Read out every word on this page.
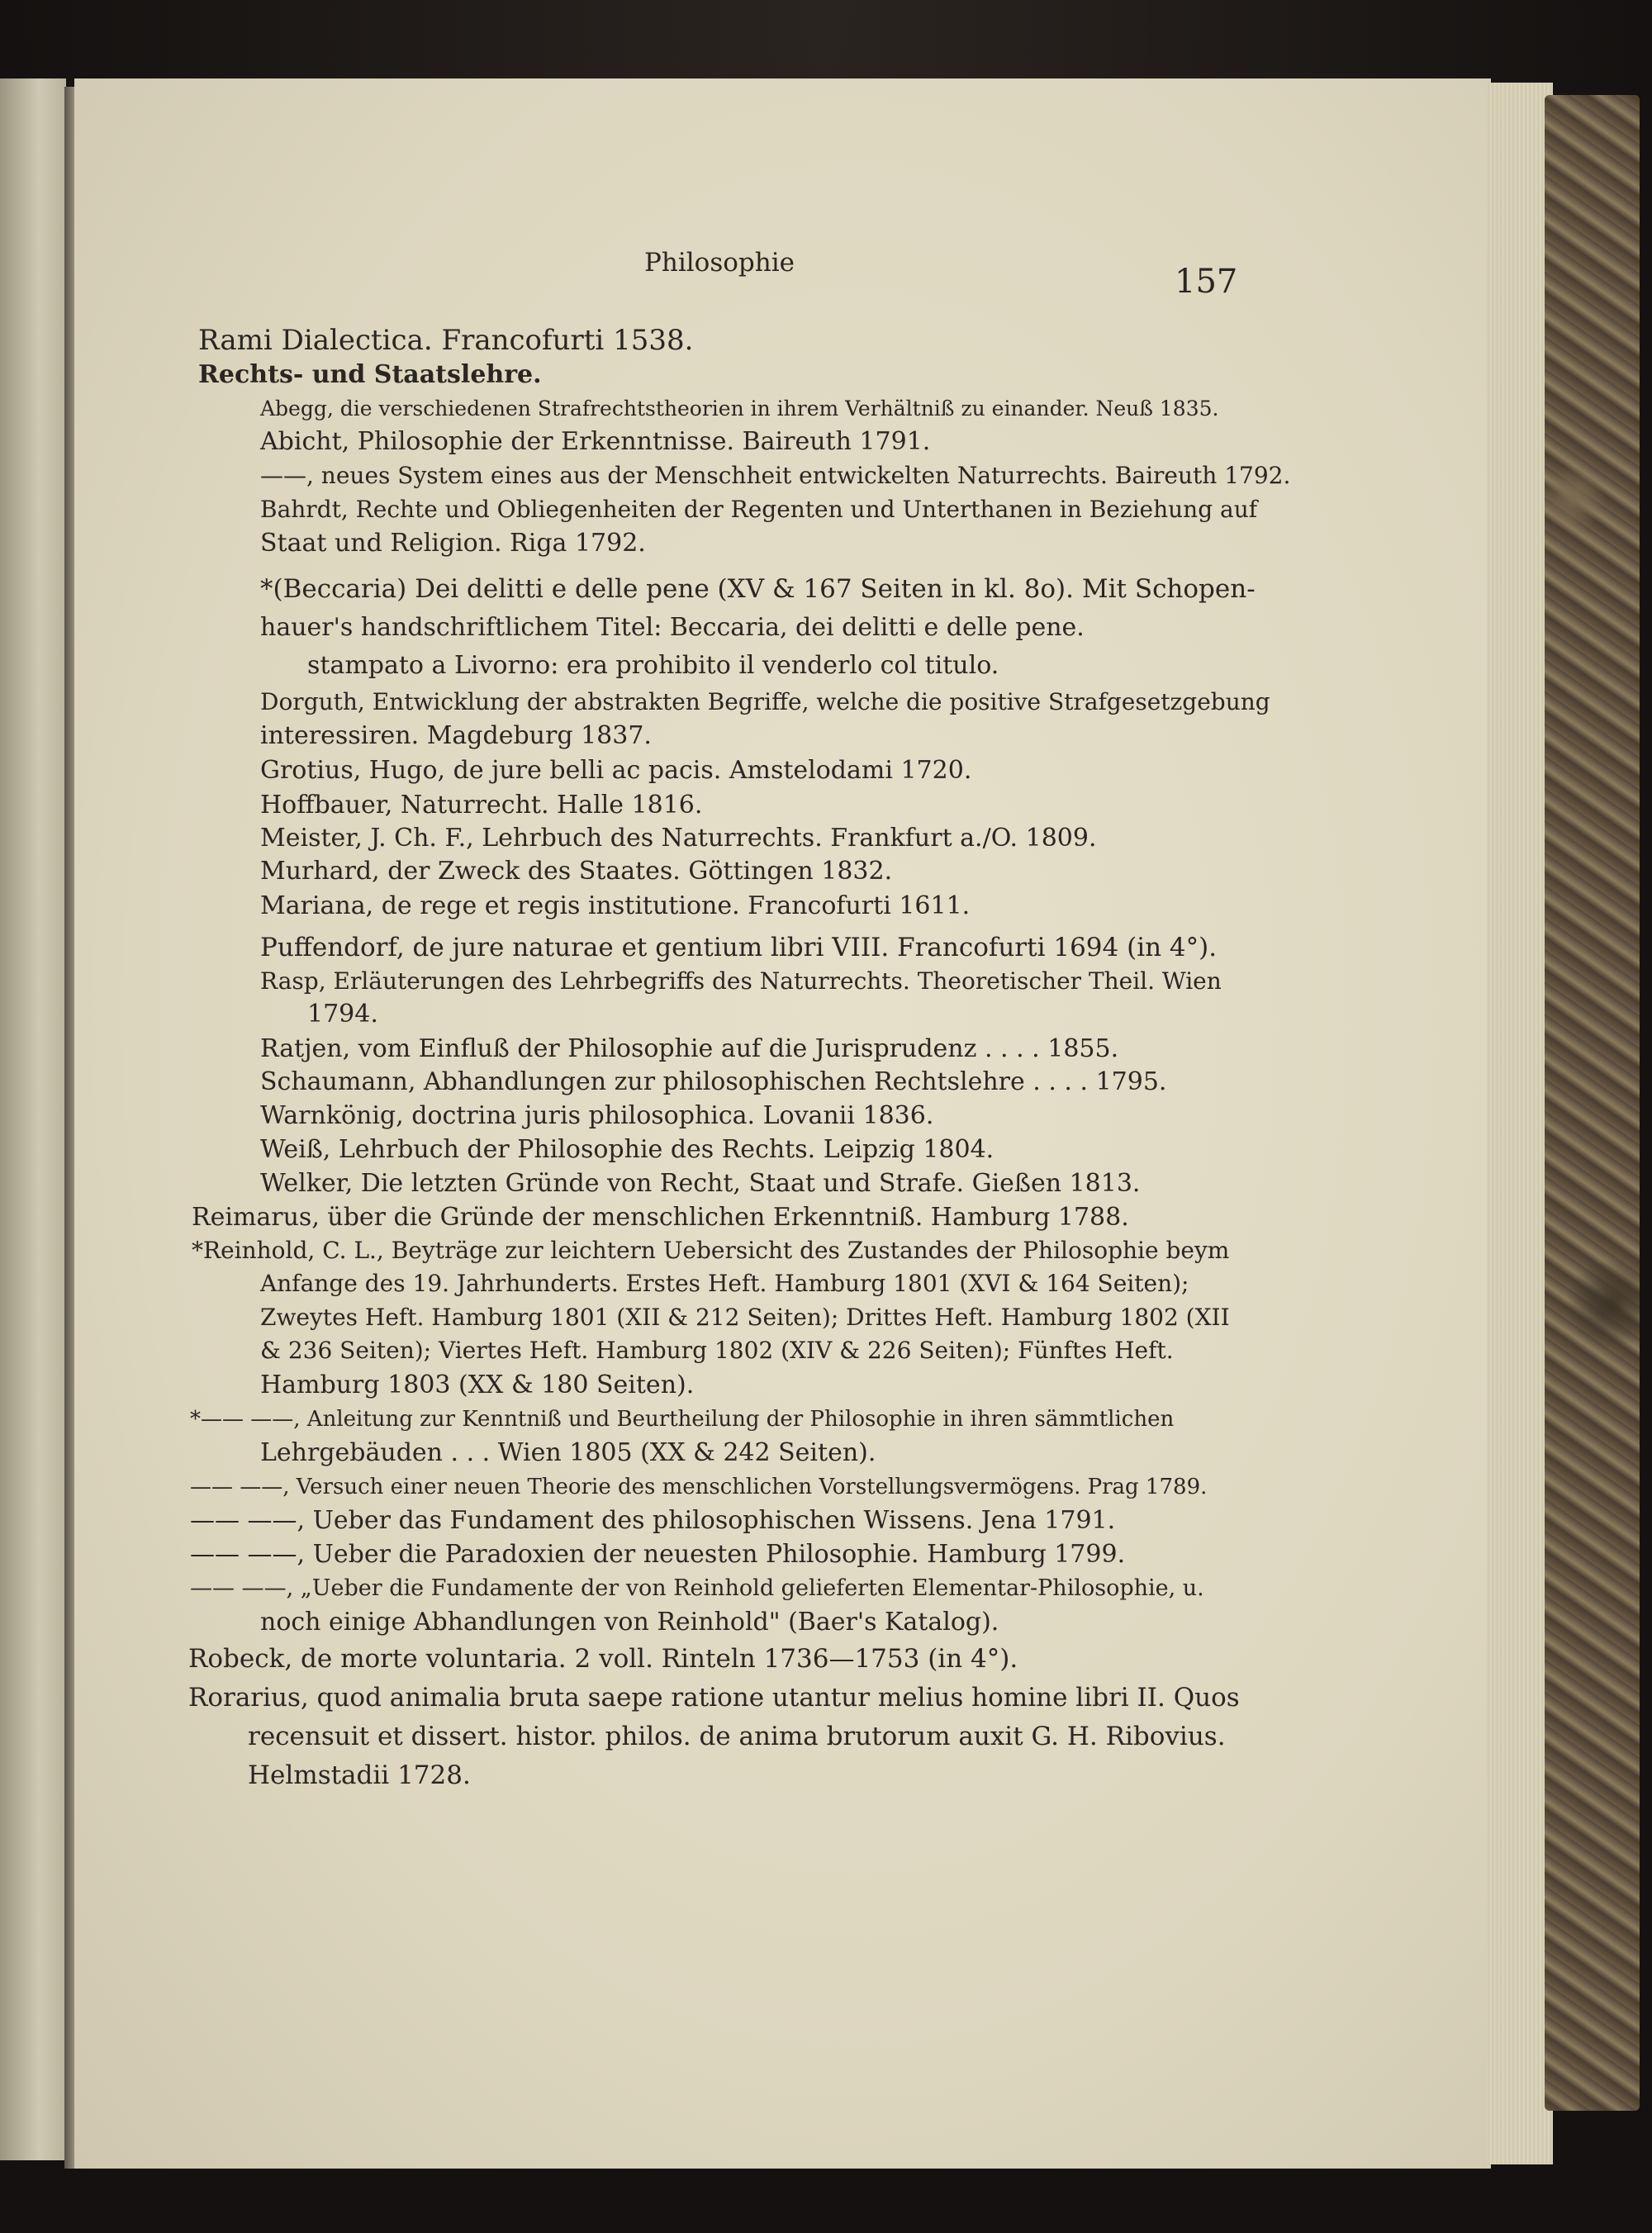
Philosophie	157
Rami Dialectica. Francofurti 1538.
Rechts- und Staatslehre.
Abegg, die verschiedenen Strafrechtstheorien in ihrem Verhältniß zu einander. Neuß 1835.
Abicht, Philosophie der Erkenntnisse. Baireuth 1791.
——, neues System eines aus der Menschheit entwickelten Naturrechts. Baireuth 1792.
Bahrdt, Rechte und Obliegenheiten der Regenten und Unterthanen in Beziehung auf
Staat und Religion. Riga 1792.
*(Beccaria) Dei delitti e delle pene (XV & 167 Seiten in kl. 8o). Mit Schopen-
hauer's handschriftlichem Titel: Beccaria, dei delitti e delle pene.
stampato a Livorno: era prohibito il venderlo col titulo.
Dorguth, Entwicklung der abstrakten Begriffe, welche die positive Strafgesetzgebung
interessiren. Magdeburg 1837.
Grotius, Hugo, de jure belli ac pacis. Amstelodami 1720.
Hoffbauer, Naturrecht. Halle 1816.
Meister, J. Ch. F., Lehrbuch des Naturrechts. Frankfurt a./O. 1809.
Murhard, der Zweck des Staates. Göttingen 1832.
Mariana, de rege et regis institutione. Francofurti 1611.
Puffendorf, de jure naturae et gentium libri VIII. Francofurti 1694 (in 4°).
Rasp, Erläuterungen des Lehrbegriffs des Naturrechts. Theoretischer Theil. Wien
1794.
Ratjen, vom Einfluß der Philosophie auf die Jurisprudenz . . . . 1855.
Schaumann, Abhandlungen zur philosophischen Rechtslehre . . . . 1795.
Warnkönig, doctrina juris philosophica. Lovanii 1836.
Weiß, Lehrbuch der Philosophie des Rechts. Leipzig 1804.
Welker, Die letzten Gründe von Recht, Staat und Strafe. Gießen 1813.
Reimarus, über die Gründe der menschlichen Erkenntniß. Hamburg 1788.
*Reinhold, C. L., Beyträge zur leichtern Uebersicht des Zustandes der Philosophie beym
Anfange des 19. Jahrhunderts. Erstes Heft. Hamburg 1801 (XVI & 164 Seiten);
Zweytes Heft. Hamburg 1801 (XII & 212 Seiten); Drittes Heft. Hamburg 1802 (XII
& 236 Seiten); Viertes Heft. Hamburg 1802 (XIV & 226 Seiten); Fünftes Heft.
Hamburg 1803 (XX & 180 Seiten).
*—— ——, Anleitung zur Kenntniß und Beurtheilung der Philosophie in ihren sämmtlichen
Lehrgebäuden . . . Wien 1805 (XX & 242 Seiten).
—— ——, Versuch einer neuen Theorie des menschlichen Vorstellungsvermögens. Prag 1789.
—— ——, Ueber das Fundament des philosophischen Wissens. Jena 1791.
—— ——, Ueber die Paradoxien der neuesten Philosophie. Hamburg 1799.
—— ——, „Ueber die Fundamente der von Reinhold gelieferten Elementar-Philosophie, u.
noch einige Abhandlungen von Reinhold" (Baer's Katalog).
Robeck, de morte voluntaria. 2 voll. Rinteln 1736—1753 (in 4°).
Rorarius, quod animalia bruta saepe ratione utantur melius homine libri II. Quos
recensuit et dissert. histor. philos. de anima brutorum auxit G. H. Ribovius.
Helmstadii 1728.
